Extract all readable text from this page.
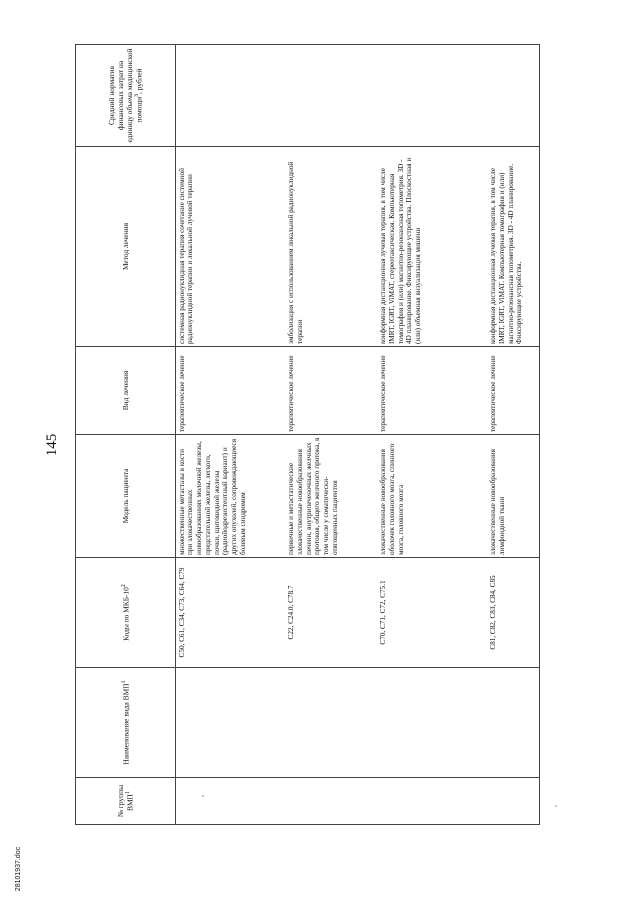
145
№ группы ВМП$^1$	Наименование вида ВМП$^1$	Коды по МКБ-$10^2$	Модель пациента	Вид лечения	Метод лечения	Средний норматив финансовых затрат на единицу объема медицинской помощи$^3$, рублей
		C50, C61, C34, C73, C64, C79	множественные метастазы в кости при злокачественных новообразованиях молочной железы, предстательной железы, легкого, почки, щитовидной железы (радиойодрезистентный вариант) и других опухолей, сопровождающиеся болевым синдромом	терапевтическое лечение	системная радионуклидная терапия сочетание системной радионуклидной терапии и локальной лучевой терапии	
		C22, C24.0, C78.7	первичные и метастатические злокачественные новообразования печени, внутрипеченочных желчных протоков, общего желчного протока, в том числе у соматически-отягощенных пациентов	терапевтическое лечение	эмболизация с использованием локальной радионуклидной терапии	
		C70, C71, C72, C75.1	злокачественные новообразования оболочек головного мозга, спинного мозга, головного мозга	терапевтическое лечение	конформная дистанционная лучевая терапия, в том числе IMRT, IGRT, ViMAT, стереотаксическая. Компьютерная томография и (или) магнитно-резонансная топометрия. 3D - 4D планирование. Фиксирующие устройства. Плоскостная и (или) объемная визуализация мишени	
		C81, C82, C83, C84, C85	злокачественные новообразования лимфоидной ткани	терапевтическое лечение	конформная дистанционная лучевая терапия, в том числе IMRT, IGRT, ViMAT. Компьютерная томография и (или) магнитно-резонансная топометрия. 3D - 4D планирование. Фиксирующие устройства.	
28101937.doc
